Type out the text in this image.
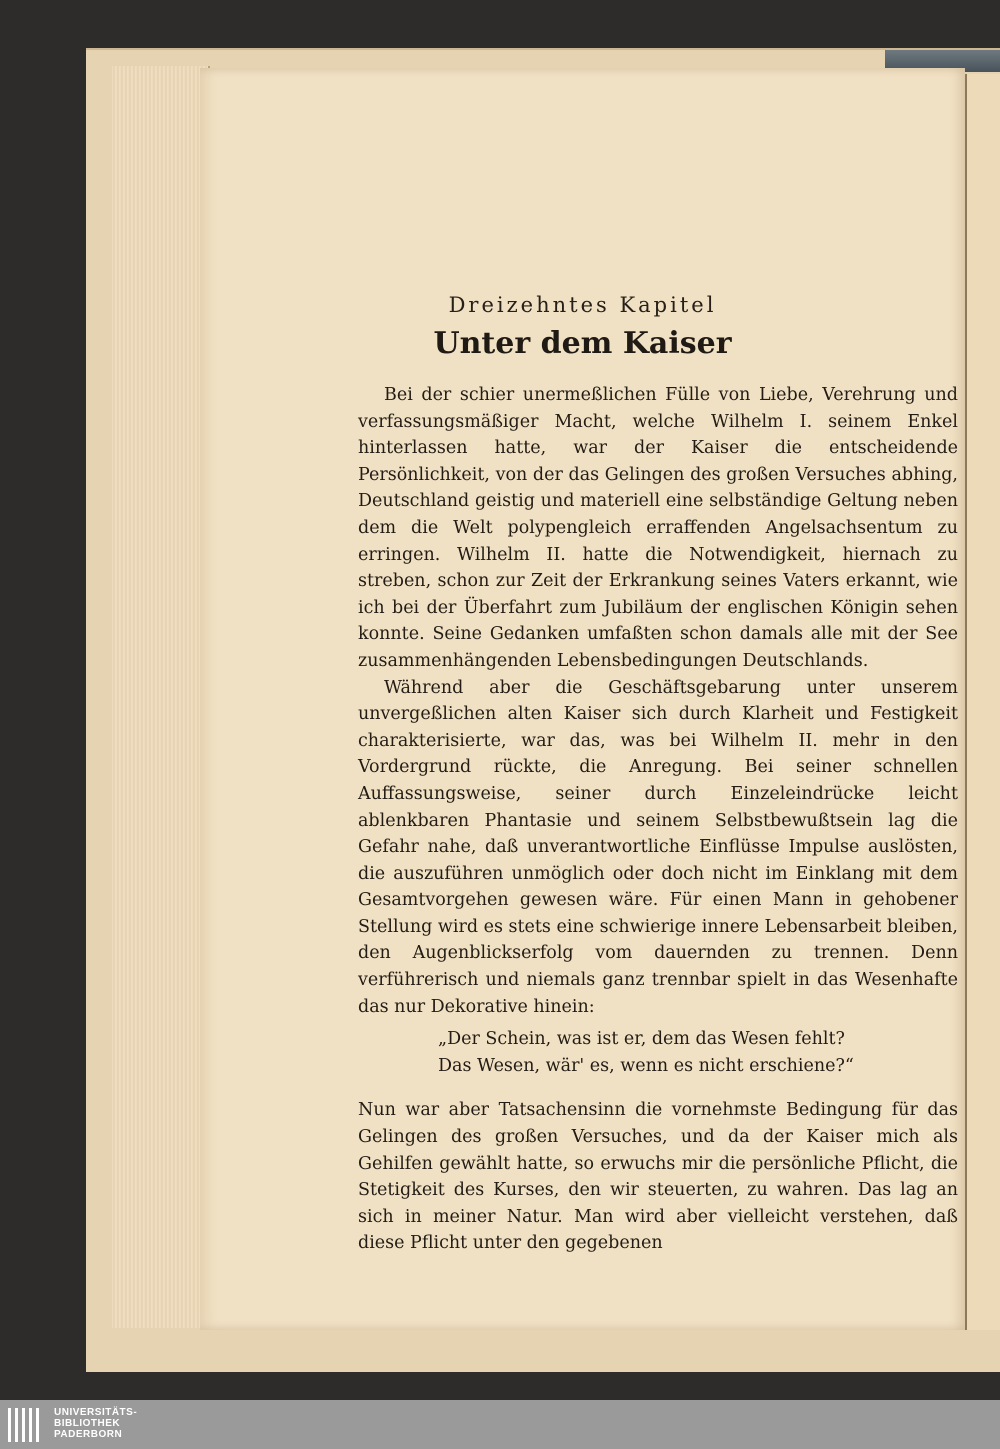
Dreizehntes Kapitel
Unter dem Kaiser

Bei der schier unermeßlichen Fülle von Liebe, Verehrung und verfassungsmäßiger Macht, welche Wilhelm I. seinem Enkel hinterlassen hatte, war der Kaiser die entscheidende Persönlichkeit, von der das Gelingen des großen Versuches abhing, Deutschland geistig und materiell eine selbständige Geltung neben dem die Welt polypengleich erraffenden Angelsachsentum zu erringen. Wilhelm II. hatte die Notwendigkeit, hiernach zu streben, schon zur Zeit der Erkrankung seines Vaters erkannt, wie ich bei der Überfahrt zum Jubiläum der englischen Königin sehen konnte. Seine Gedanken umfaßten schon damals alle mit der See zusammenhängenden Lebensbedingungen Deutschlands.

Während aber die Geschäftsgebarung unter unserem unvergeßlichen alten Kaiser sich durch Klarheit und Festigkeit charakterisierte, war das, was bei Wilhelm II. mehr in den Vordergrund rückte, die Anregung. Bei seiner schnellen Auffassungsweise, seiner durch Einzeleindrücke leicht ablenkbaren Phantasie und seinem Selbstbewußtsein lag die Gefahr nahe, daß unverantwortliche Einflüsse Impulse auslösten, die auszuführen unmöglich oder doch nicht im Einklang mit dem Gesamtvorgehen gewesen wäre. Für einen Mann in gehobener Stellung wird es stets eine schwierige innere Lebensarbeit bleiben, den Augenblickserfolg vom dauernden zu trennen. Denn verführerisch und niemals ganz trennbar spielt in das Wesenhafte das nur Dekorative hinein:

„Der Schein, was ist er, dem das Wesen fehlt?
Das Wesen, wär' es, wenn es nicht erschiene?“

Nun war aber Tatsachensinn die vornehmste Bedingung für das Gelingen des großen Versuches, und da der Kaiser mich als Gehilfen gewählt hatte, so erwuchs mir die persönliche Pflicht, die Stetigkeit des Kurses, den wir steuerten, zu wahren. Das lag an sich in meiner Natur. Man wird aber vielleicht verstehen, daß diese Pflicht unter den gegebenen

UNIVERSITÄTS-
BIBLIOTHEK
PADERBORN
